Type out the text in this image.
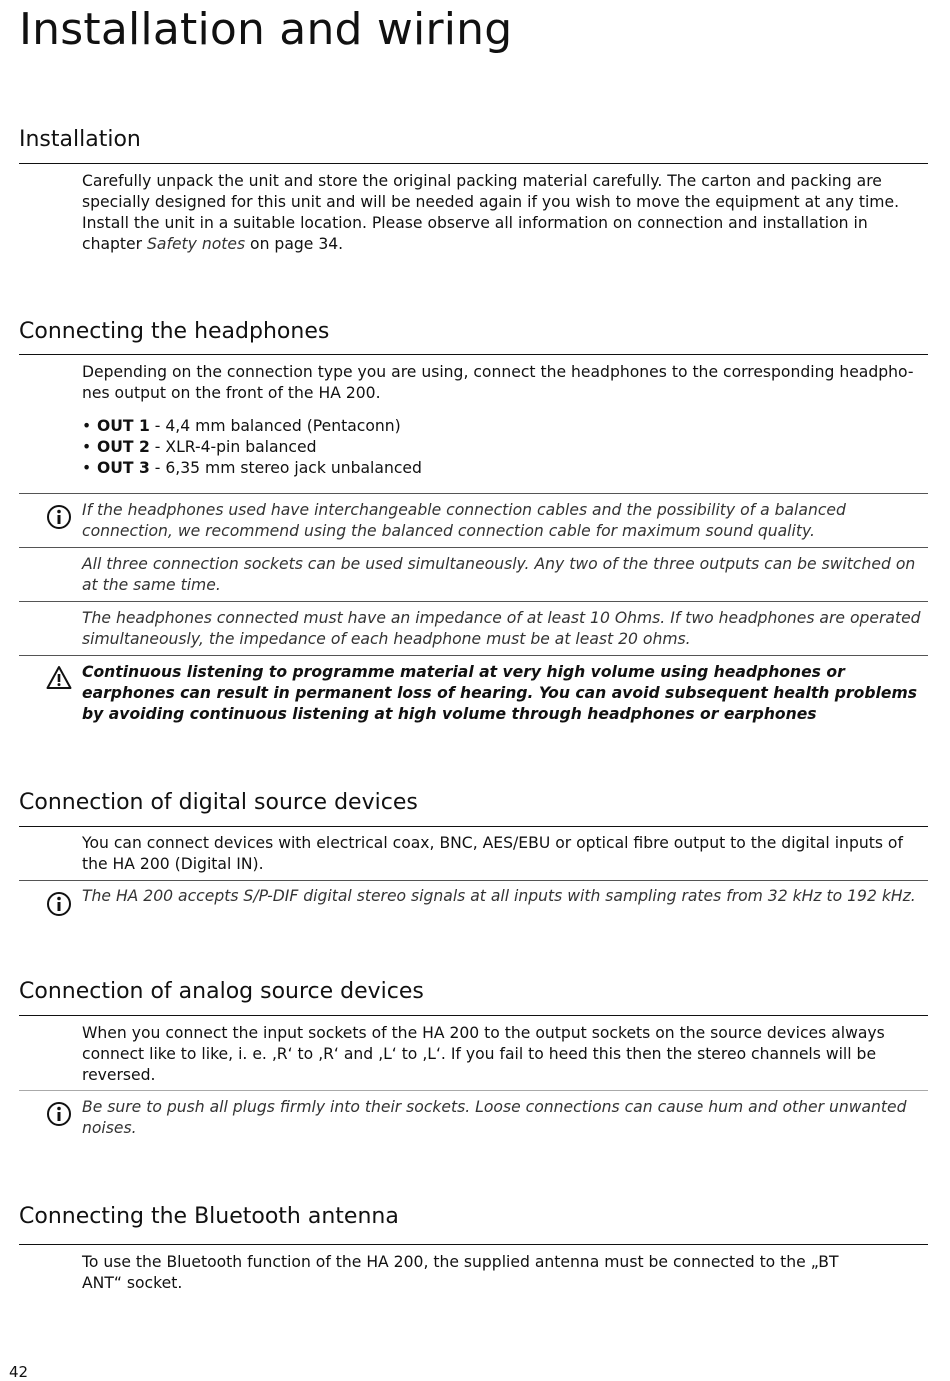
Installation and wiring
Installation

Carefully unpack the unit and store the original packing material carefully. The carton and packing are specially designed for this unit and will be needed again if you wish to move the equipment at any time. Install the unit in a suitable location. Please observe all information on connection and installation in chapter Safety notes on page 34.

Connecting the headphones

Depending on the connection type you are using, connect the headphones to the corresponding headpho-nes output on the front of the HA 200.

• OUT 1 - 4,4 mm balanced (Pentaconn)
• OUT 2 - XLR-4-pin balanced
• OUT 3 - 6,35 mm stereo jack unbalanced

If the headphones used have interchangeable connection cables and the possibility of a balanced connection, we recommend using the balanced connection cable for maximum sound quality.

All three connection sockets can be used simultaneously. Any two of the three outputs can be switched on at the same time.

The headphones connected must have an impedance of at least 10 Ohms. If two headphones are operated simultaneously, the impedance of each headphone must be at least 20 ohms.

Continuous listening to programme material at very high volume using headphones or earphones can result in permanent loss of hearing. You can avoid subsequent health problems by avoiding continuous listening at high volume through headphones or earphones

Connection of digital source devices

You can connect devices with electrical coax, BNC, AES/EBU or optical fibre output to the digital inputs of the HA 200 (Digital IN).

The HA 200 accepts S/P-DIF digital stereo signals at all inputs with sampling rates from 32 kHz to 192 kHz.

Connection of analog source devices

When you connect the input sockets of the HA 200 to the output sockets on the source devices always connect like to like, i. e. ‚R‘ to ‚R‘ and ‚L‘ to ‚L‘. If you fail to heed this then the stereo channels will be reversed.

Be sure to push all plugs firmly into their sockets. Loose connections can cause hum and other unwanted noises.

Connecting the Bluetooth antenna

To use the Bluetooth function of the HA 200, the supplied antenna must be connected to the „BT ANT“ socket.

42
